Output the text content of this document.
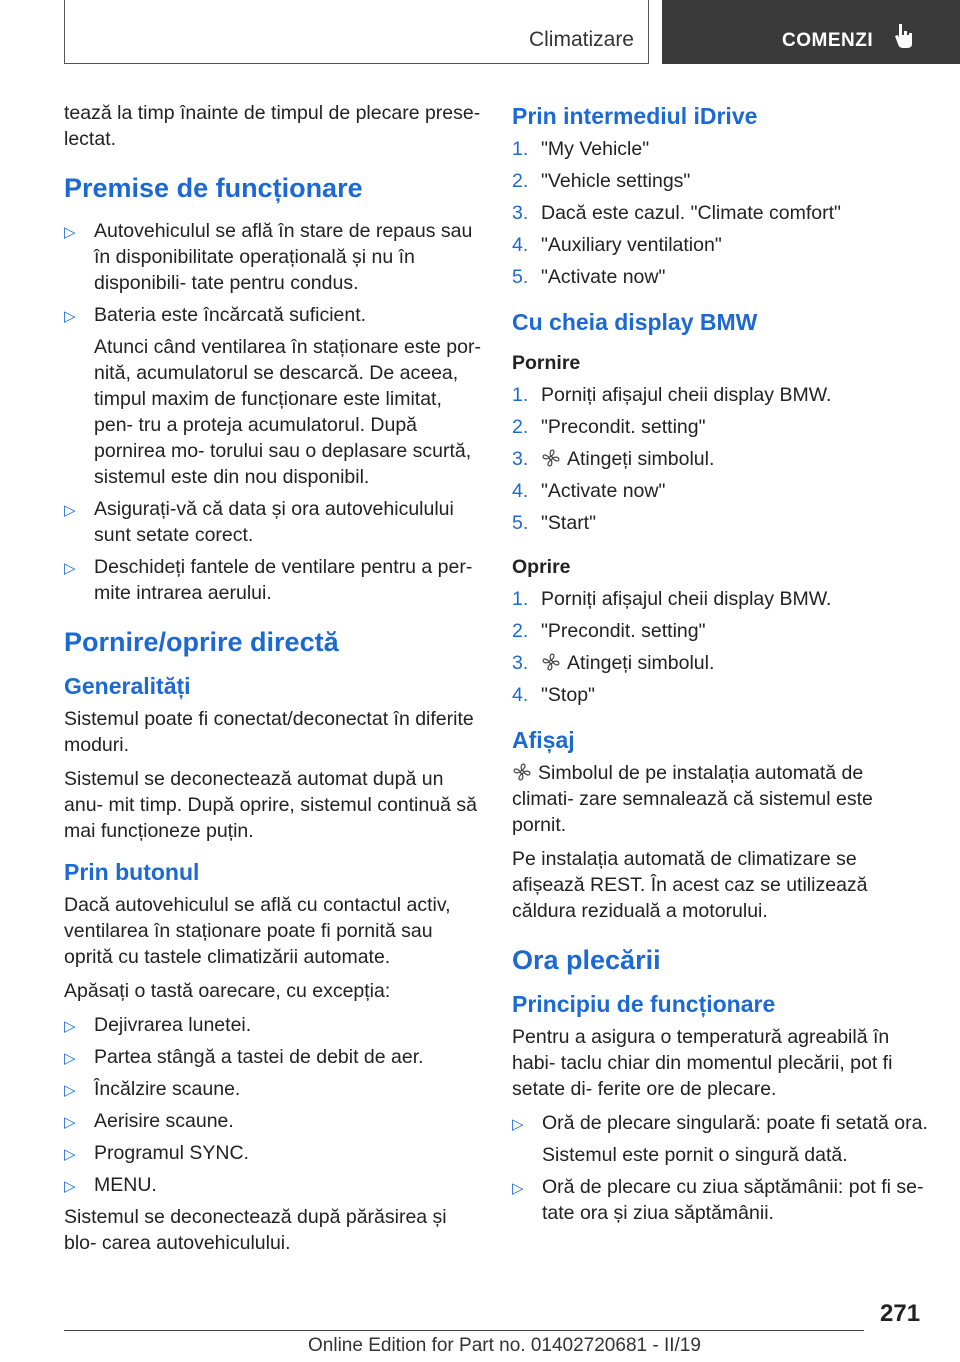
Climatizare	COMENZI

tează la timp înainte de timpul de plecare prese‐
lectat.

Premise de funcționare
▷ Autovehiculul se află în stare de repaus sau în disponibilitate operațională și nu în disponibili‐ tate pentru condus.
▷ Bateria este încărcată suficient.
Atunci când ventilarea în staționare este por‐ nită, acumulatorul se descarcă. De aceea, timpul maxim de funcționare este limitat, pen‐ tru a proteja acumulatorul. După pornirea mo‐ torului sau o deplasare scurtă, sistemul este din nou disponibil.
▷ Asigurați-vă că data și ora autovehiculului sunt setate corect.
▷ Deschideți fantele de ventilare pentru a per‐ mite intrarea aerului.
Pornire/oprire directă
Generalități

Sistemul poate fi conectat/deconectat în diferite moduri.

Sistemul se deconectează automat după un anu‐ mit timp. După oprire, sistemul continuă să mai funcționeze puțin.

Prin butonul

Dacă autovehiculul se află cu contactul activ, ventilarea în staționare poate fi pornită sau oprită cu tastele climatizării automate.

Apăsați o tastă oarecare, cu excepția:

▷ Dejivrarea lunetei.
▷ Partea stângă a tastei de debit de aer.
▷ Încălzire scaune.
▷ Aerisire scaune.
▷ Programul SYNC.
▷ MENU.

Sistemul se deconectează după părăsirea și blo‐ carea autovehiculului.

Prin intermediul iDrive
1. "My Vehicle"
2. "Vehicle settings"
3. Dacă este cazul. "Climate comfort"
4. "Auxiliary ventilation"
5. "Activate now"
Cu cheia display BMW
Pornire
1. Porniți afișajul cheii display BMW.
2. "Precondit. setting"
3. Atingeți simbolul.
4. "Activate now"
5. "Start"
Oprire
1. Porniți afișajul cheii display BMW.
2. "Precondit. setting"
3. Atingeți simbolul.
4. "Stop"
Afișaj

Simbolul de pe instalația automată de climati‐ zare semnalează că sistemul este pornit.

Pe instalația automată de climatizare se afișează REST. În acest caz se utilizează căldura reziduală a motorului.

Ora plecării
Principiu de funcționare

Pentru a asigura o temperatură agreabilă în habi‐ taclu chiar din momentul plecării, pot fi setate di‐ ferite ore de plecare.

▷ Oră de plecare singulară: poate fi setată ora.
Sistemul este pornit o singură dată.
▷ Oră de plecare cu ziua săptămânii: pot fi se‐ tate ora și ziua săptămânii.
271
Online Edition for Part no. 01402720681 - II/19
